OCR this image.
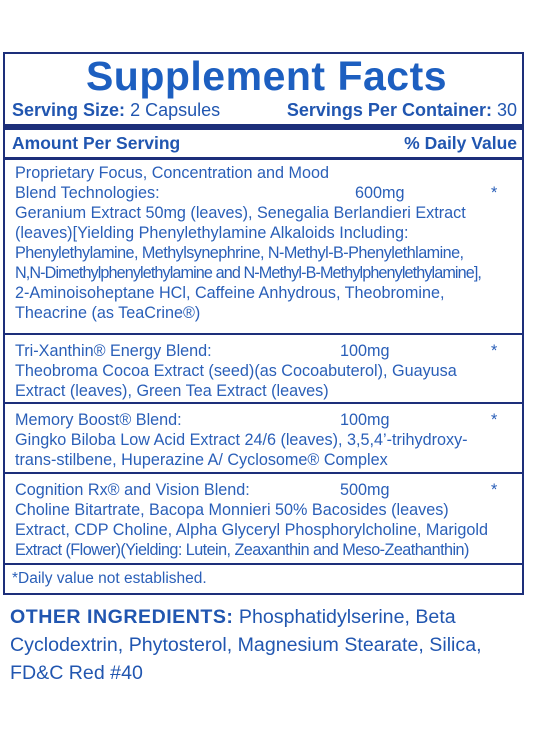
Supplement Facts
Serving Size: 2 Capsules	Servings Per Container: 30
Amount Per Serving	% Daily Value
Proprietary Focus, Concentration and Mood
Blend Technologies:	600mg	*
Geranium Extract 50mg (leaves), Senegalia Berlandieri Extract
(leaves)[Yielding Phenylethylamine Alkaloids Including:
Phenylethylamine, Methylsynephrine, N-Methyl-B-Phenylethlamine,
N,N-Dimethylphenylethylamine and N-Methyl-B-Methylphenylethylamine],
2-Aminoisoheptane HCl, Caffeine Anhydrous, Theobromine,
Theacrine (as TeaCrine®)
Tri-Xanthin® Energy Blend:	100mg	*
Theobroma Cocoa Extract (seed)(as Cocoabuterol), Guayusa
Extract (leaves), Green Tea Extract (leaves)
Memory Boost® Blend:	100mg	*
Gingko Biloba Low Acid Extract 24/6 (leaves), 3,5,4’-trihydroxy-
trans-stilbene, Huperazine A/ Cyclosome® Complex
Cognition Rx® and Vision Blend:	500mg	*
Choline Bitartrate, Bacopa Monnieri 50% Bacosides (leaves)
Extract, CDP Choline, Alpha Glyceryl Phosphorylcholine, Marigold
Extract (Flower)(Yielding: Lutein, Zeaxanthin and Meso-Zeathanthin)
*Daily value not established.
OTHER INGREDIENTS: Phosphatidylserine, Beta Cyclodextrin, Phytosterol, Magnesium Stearate, Silica, FD&C Red #40
